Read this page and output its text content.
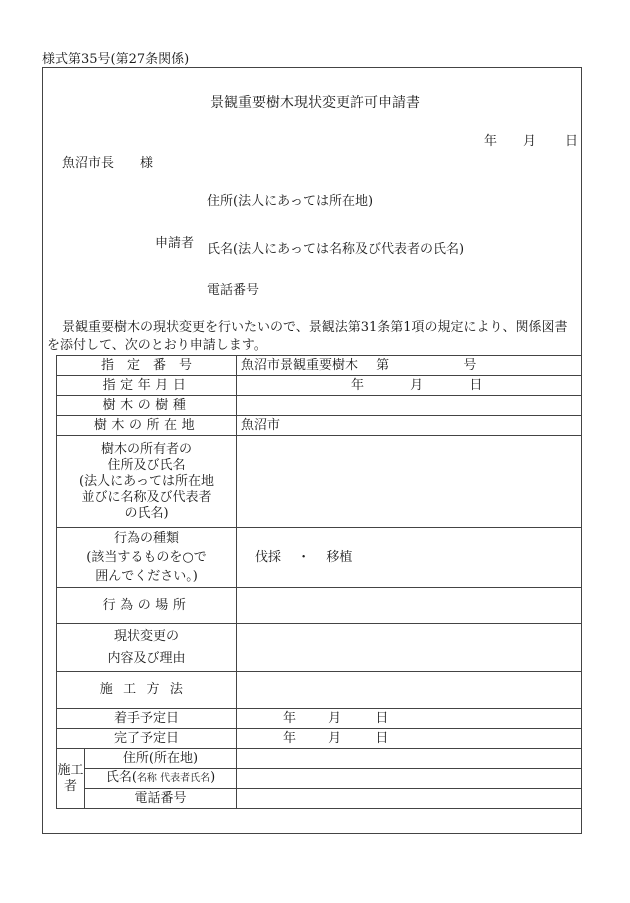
様式第35号(第27条関係)
景観重要樹木現状変更許可申請書
年 月 日
魚沼市長 様
住所(法人にあっては所在地)
申請者 氏名(法人にあっては名称及び代表者の氏名)
電話番号
景観重要樹木の現状変更を行いたいので、景観法第31条第1項の規定により、関係図書
を添付して、次のとおり申請します。
指　定　番　号		魚沼市景観重要樹木 第 号
指定年月日		年 月 日
樹木の樹種		
樹木の所在地		魚沼市

樹木の所有者の
住所及び氏名
(法人にあっては所在地
並びに名称及び代表者
の氏名)		

行為の種類
(該当するものを○で
囲んでください。)		伐採 ・ 移植
行為の場所		

現状変更の
内容及び理由		

施工方法		
着手予定日		年 月 日
完了予定日		年 月 日
施工者	住所(所在地)	
	氏名(名称 代表者氏名)	
	電話番号	
